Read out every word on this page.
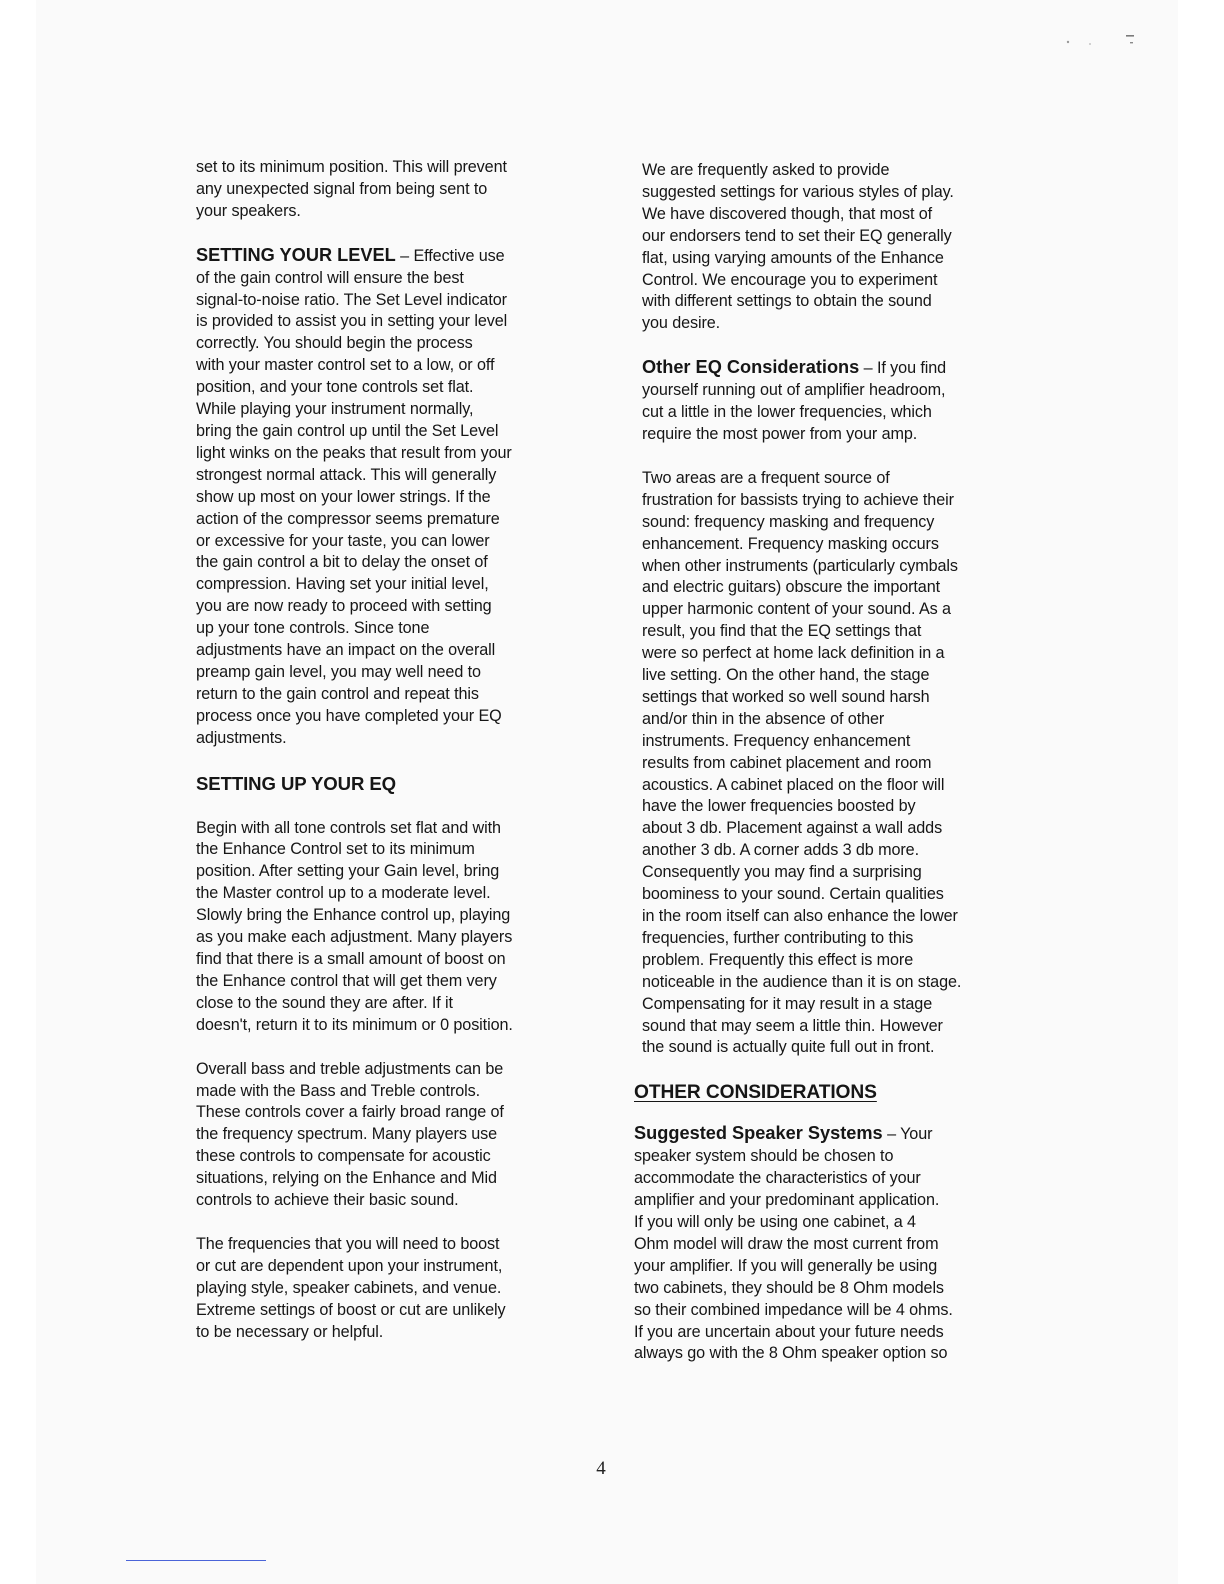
set to its minimum position. This will prevent
any unexpected signal from being sent to
your speakers.
SETTING YOUR LEVEL – Effective use
of the gain control will ensure the best
signal-to-noise ratio. The Set Level indicator
is provided to assist you in setting your level
correctly. You should begin the process
with your master control set to a low, or off
position, and your tone controls set flat.
While playing your instrument normally,
bring the gain control up until the Set Level
light winks on the peaks that result from your
strongest normal attack. This will generally
show up most on your lower strings. If the
action of the compressor seems premature
or excessive for your taste, you can lower
the gain control a bit to delay the onset of
compression. Having set your initial level,
you are now ready to proceed with setting
up your tone controls. Since tone
adjustments have an impact on the overall
preamp gain level, you may well need to
return to the gain control and repeat this
process once you have completed your EQ
adjustments.
SETTING UP YOUR EQ
Begin with all tone controls set flat and with
the Enhance Control set to its minimum
position. After setting your Gain level, bring
the Master control up to a moderate level.
Slowly bring the Enhance control up, playing
as you make each adjustment. Many players
find that there is a small amount of boost on
the Enhance control that will get them very
close to the sound they are after. If it
doesn't, return it to its minimum or 0 position.
Overall bass and treble adjustments can be
made with the Bass and Treble controls.
These controls cover a fairly broad range of
the frequency spectrum. Many players use
these controls to compensate for acoustic
situations, relying on the Enhance and Mid
controls to achieve their basic sound.
The frequencies that you will need to boost
or cut are dependent upon your instrument,
playing style, speaker cabinets, and venue.
Extreme settings of boost or cut are unlikely
to be necessary or helpful.
We are frequently asked to provide
suggested settings for various styles of play.
We have discovered though, that most of
our endorsers tend to set their EQ generally
flat, using varying amounts of the Enhance
Control. We encourage you to experiment
with different settings to obtain the sound
you desire.
Other EQ Considerations – If you find
yourself running out of amplifier headroom,
cut a little in the lower frequencies, which
require the most power from your amp.
Two areas are a frequent source of
frustration for bassists trying to achieve their
sound: frequency masking and frequency
enhancement. Frequency masking occurs
when other instruments (particularly cymbals
and electric guitars) obscure the important
upper harmonic content of your sound. As a
result, you find that the EQ settings that
were so perfect at home lack definition in a
live setting. On the other hand, the stage
settings that worked so well sound harsh
and/or thin in the absence of other
instruments. Frequency enhancement
results from cabinet placement and room
acoustics. A cabinet placed on the floor will
have the lower frequencies boosted by
about 3 db. Placement against a wall adds
another 3 db. A corner adds 3 db more.
Consequently you may find a surprising
boominess to your sound. Certain qualities
in the room itself can also enhance the lower
frequencies, further contributing to this
problem. Frequently this effect is more
noticeable in the audience than it is on stage.
Compensating for it may result in a stage
sound that may seem a little thin. However
the sound is actually quite full out in front.
OTHER CONSIDERATIONS
Suggested Speaker Systems – Your
speaker system should be chosen to
accommodate the characteristics of your
amplifier and your predominant application.
If you will only be using one cabinet, a 4
Ohm model will draw the most current from
your amplifier. If you will generally be using
two cabinets, they should be 8 Ohm models
so their combined impedance will be 4 ohms.
If you are uncertain about your future needs
always go with the 8 Ohm speaker option so
4
